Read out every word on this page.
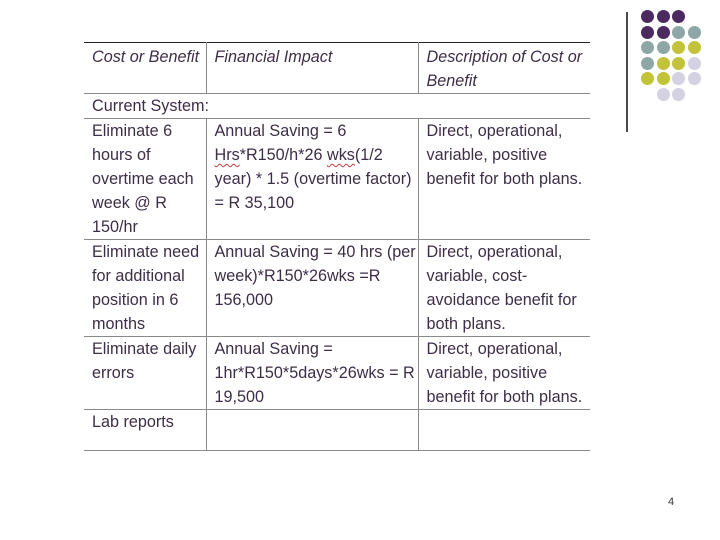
Cost or Benefit	Financial Impact	Description of Cost or Benefit
Current System:		
Eliminate 6 hours of overtime each week @ R 150/hr	Annual Saving = 6 Hrs*R150/h*26 wks(1/2 year) * 1.5 (overtime factor) = R 35,100	Direct, operational, variable, positive benefit for both plans.
Eliminate need for additional position in 6 months	Annual Saving = 40 hrs (per week)*R150*26wks =R 156,000	Direct, operational, variable, cost-avoidance benefit for both plans.
Eliminate daily errors	Annual Saving = 1hr*R150*5days*26wks = R 19,500	Direct, operational, variable, positive benefit for both plans.
Lab reports		
4
